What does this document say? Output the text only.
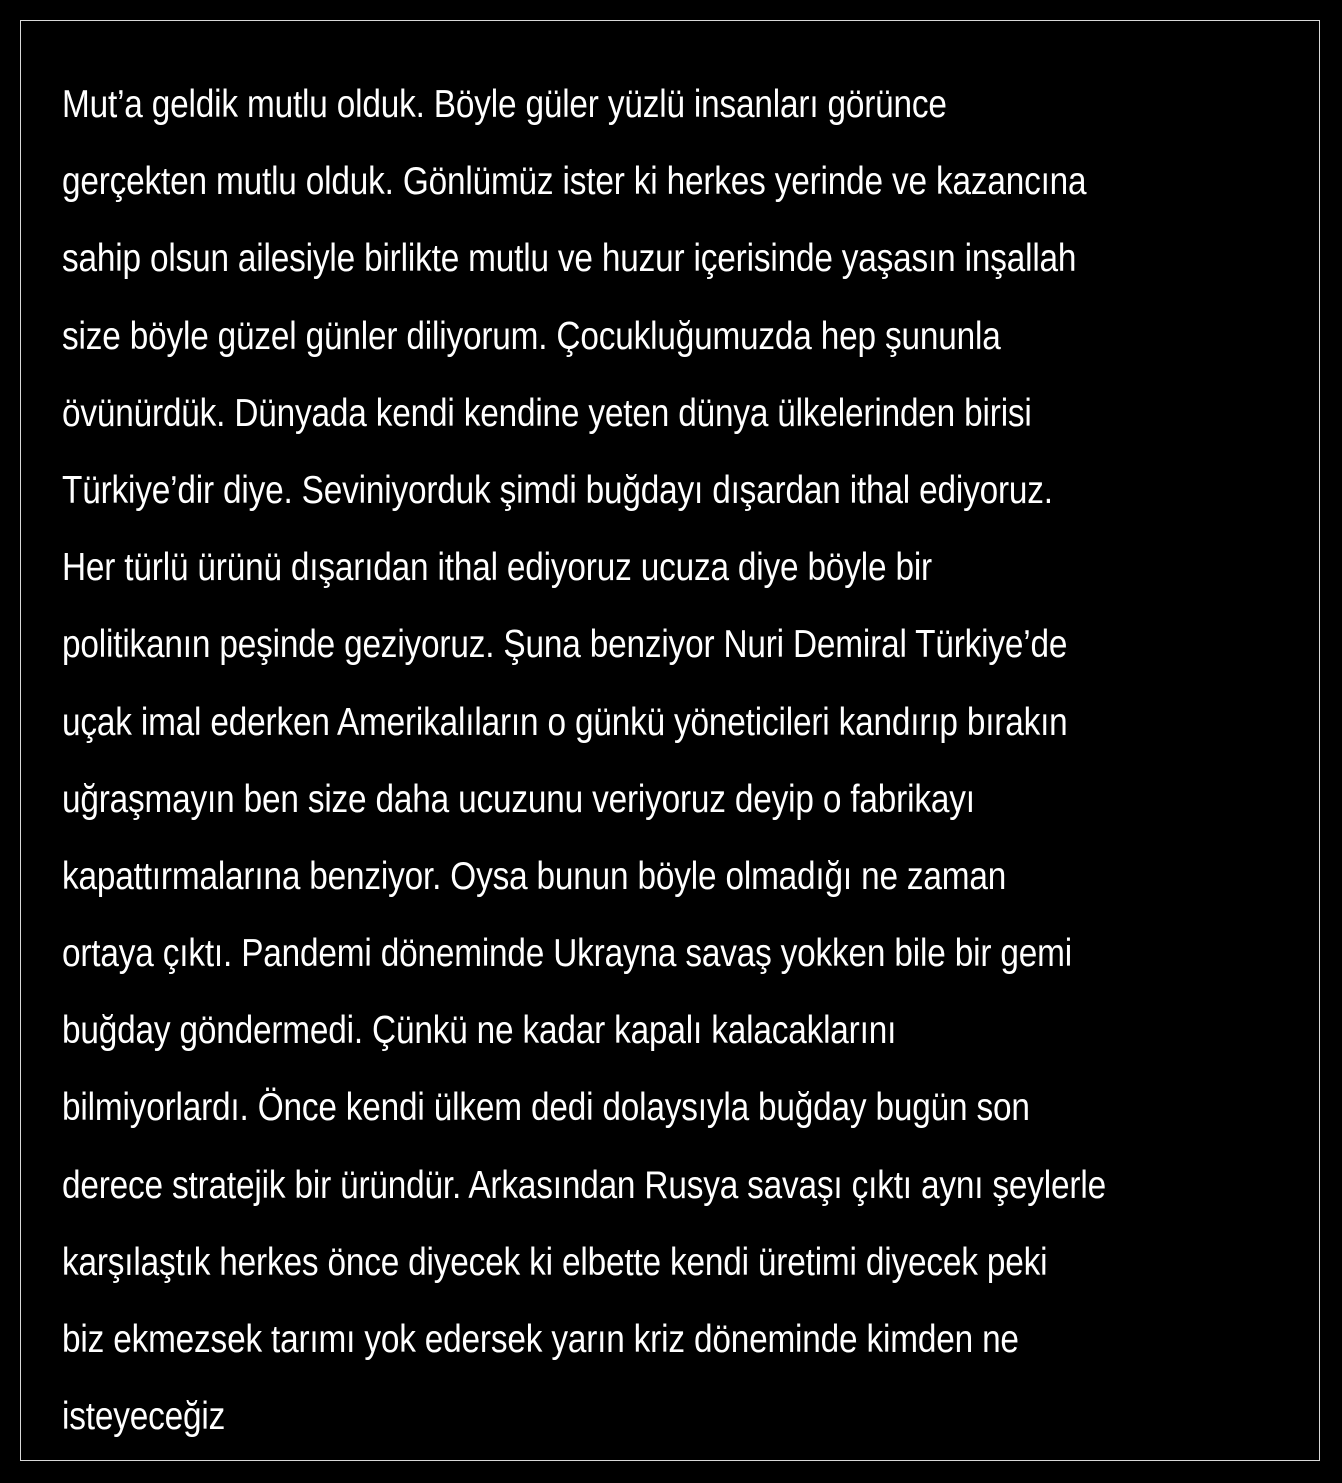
Mut’a geldik mutlu olduk. Böyle güler yüzlü insanları görünce
gerçekten mutlu olduk. Gönlümüz ister ki herkes yerinde ve kazancına
sahip olsun ailesiyle birlikte mutlu ve huzur içerisinde yaşasın inşallah
size böyle güzel günler diliyorum. Çocukluğumuzda hep şununla
övünürdük. Dünyada kendi kendine yeten dünya ülkelerinden birisi
Türkiye’dir diye. Seviniyorduk şimdi buğdayı dışardan ithal ediyoruz.
Her türlü ürünü dışarıdan ithal ediyoruz ucuza diye böyle bir
politikanın peşinde geziyoruz. Şuna benziyor Nuri Demiral Türkiye’de
uçak imal ederken Amerikalıların o günkü yöneticileri kandırıp bırakın
uğraşmayın ben size daha ucuzunu veriyoruz deyip o fabrikayı
kapattırmalarına benziyor. Oysa bunun böyle olmadığı ne zaman
ortaya çıktı. Pandemi döneminde Ukrayna savaş yokken bile bir gemi
buğday göndermedi. Çünkü ne kadar kapalı kalacaklarını
bilmiyorlardı. Önce kendi ülkem dedi dolaysıyla buğday bugün son
derece stratejik bir üründür. Arkasından Rusya savaşı çıktı aynı şeylerle
karşılaştık herkes önce diyecek ki elbette kendi üretimi diyecek peki
biz ekmezsek tarımı yok edersek yarın kriz döneminde kimden ne
isteyeceğiz
